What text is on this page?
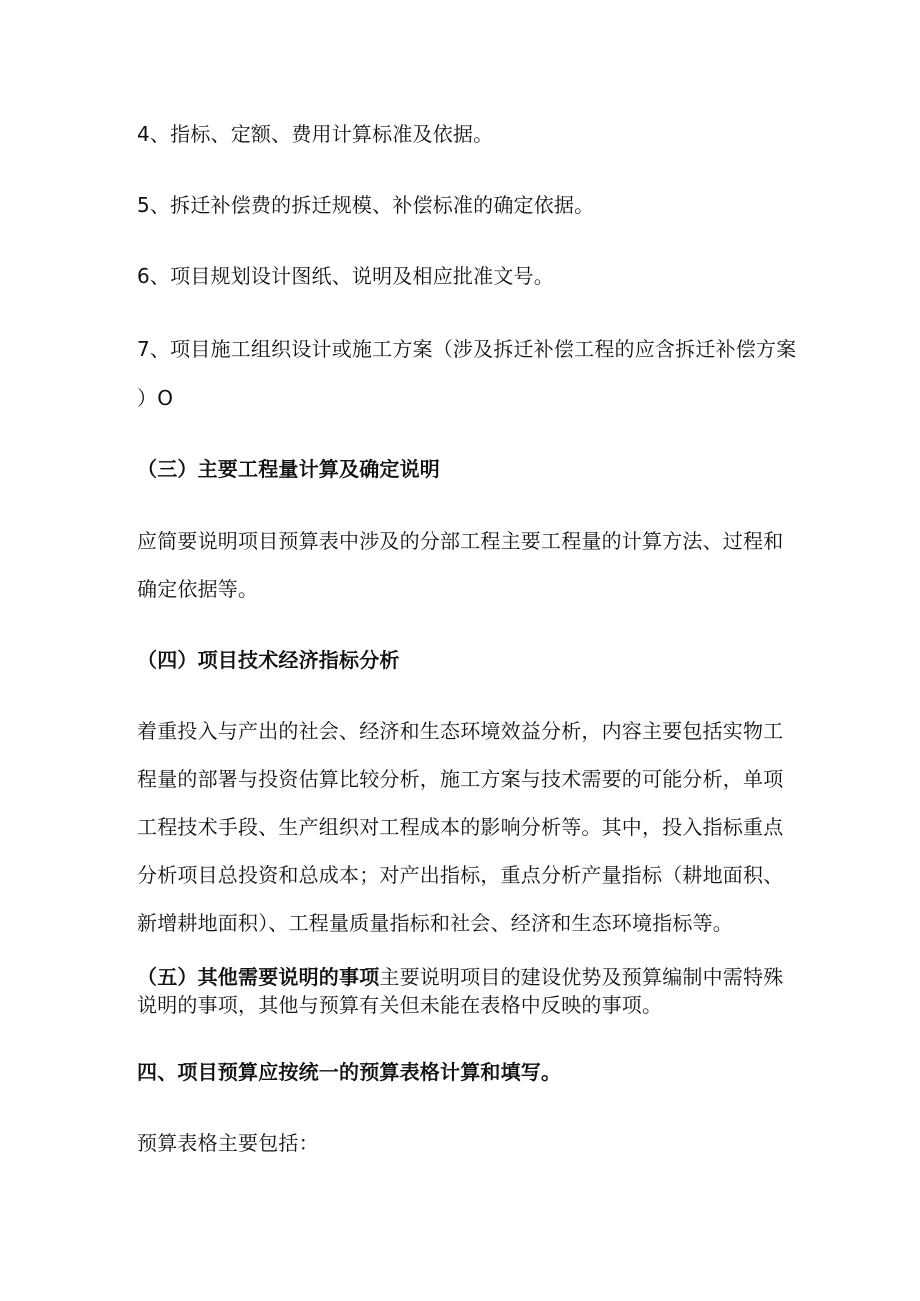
4、指标、定额、费用计算标准及依据。
5、拆迁补偿费的拆迁规模、补偿标准的确定依据。
6、项目规划设计图纸、说明及相应批准文号。
7、项目施工组织设计或施工方案（涉及拆迁补偿工程的应含拆迁补偿方案
）O
（三）主要工程量计算及确定说明
应简要说明项目预算表中涉及的分部工程主要工程量的计算方法、过程和
确定依据等。
（四）项目技术经济指标分析
着重投入与产出的社会、经济和生态环境效益分析，内容主要包括实物工
程量的部署与投资估算比较分析，施工方案与技术需要的可能分析，单项
工程技术手段、生产组织对工程成本的影响分析等。其中，投入指标重点
分析项目总投资和总成本；对产出指标，重点分析产量指标（耕地面积、
新增耕地面积）、工程量质量指标和社会、经济和生态环境指标等。
（五）其他需要说明的事项主要说明项目的建设优势及预算编制中需特殊
说明的事项，其他与预算有关但未能在表格中反映的事项。
四、项目预算应按统一的预算表格计算和填写。
预算表格主要包括：
